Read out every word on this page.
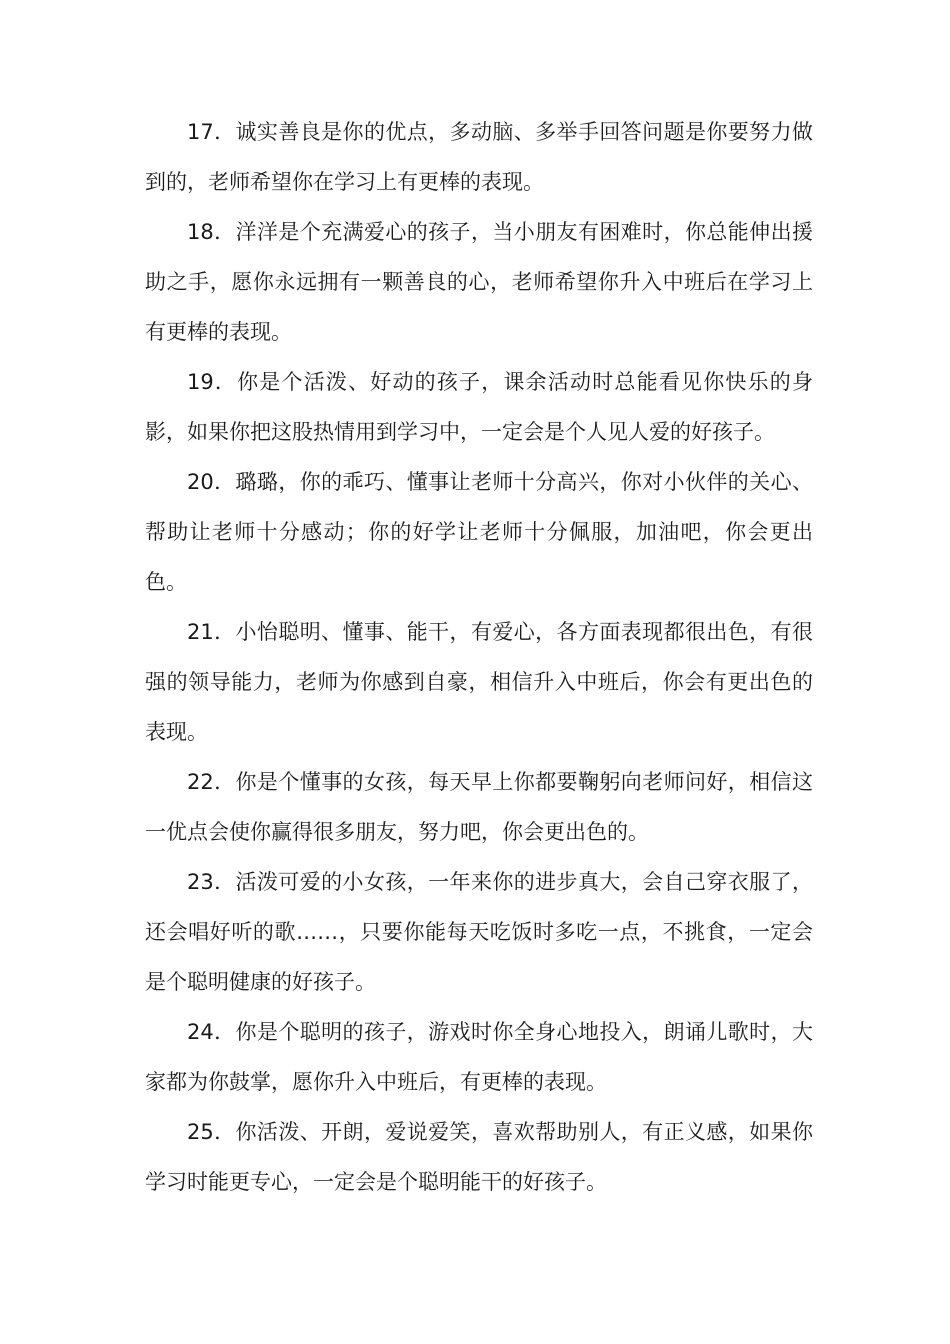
17．诚实善良是你的优点，多动脑、多举手回答问题是你要努力做到的，老师希望你在学习上有更棒的表现。

18．洋洋是个充满爱心的孩子，当小朋友有困难时，你总能伸出援助之手，愿你永远拥有一颗善良的心，老师希望你升入中班后在学习上有更棒的表现。

19．你是个活泼、好动的孩子，课余活动时总能看见你快乐的身影，如果你把这股热情用到学习中，一定会是个人见人爱的好孩子。

20．璐璐，你的乖巧、懂事让老师十分高兴，你对小伙伴的关心、帮助让老师十分感动；你的好学让老师十分佩服，加油吧，你会更出色。

21．小怡聪明、懂事、能干，有爱心，各方面表现都很出色，有很强的领导能力，老师为你感到自豪，相信升入中班后，你会有更出色的表现。

22．你是个懂事的女孩，每天早上你都要鞠躬向老师问好，相信这一优点会使你赢得很多朋友，努力吧，你会更出色的。

23．活泼可爱的小女孩，一年来你的进步真大，会自己穿衣服了，还会唱好听的歌……，只要你能每天吃饭时多吃一点，不挑食，一定会是个聪明健康的好孩子。

24．你是个聪明的孩子，游戏时你全身心地投入，朗诵儿歌时，大家都为你鼓掌，愿你升入中班后，有更棒的表现。

25．你活泼、开朗，爱说爱笑，喜欢帮助别人，有正义感，如果你学习时能更专心，一定会是个聪明能干的好孩子。
